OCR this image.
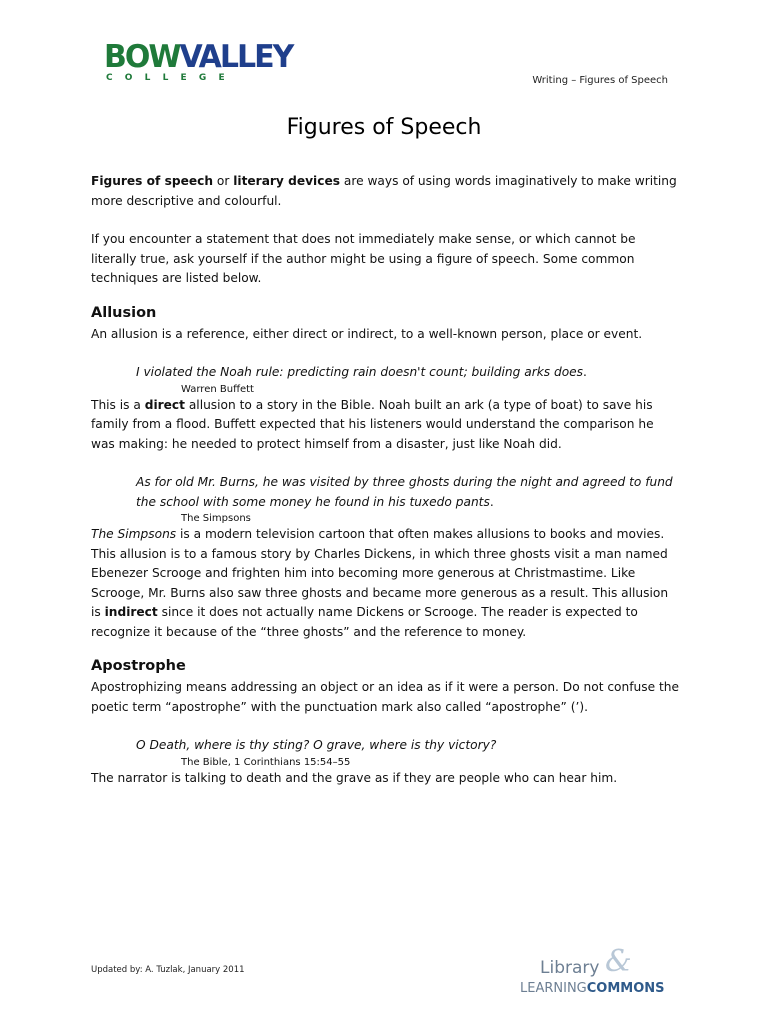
BOWVALLEY
COLLEGE	Writing – Figures of Speech
Figures of Speech

Figures of speech or literary devices are ways of using words imaginatively to make writing more descriptive and colourful.

If you encounter a statement that does not immediately make sense, or which cannot be literally true, ask yourself if the author might be using a figure of speech. Some common techniques are listed below.

Allusion

An allusion is a reference, either direct or indirect, to a well-known person, place or event.

I violated the Noah rule: predicting rain doesn't count; building arks does.

Warren Buffett

This is a direct allusion to a story in the Bible. Noah built an ark (a type of boat) to save his family from a flood. Buffett expected that his listeners would understand the comparison he was making: he needed to protect himself from a disaster, just like Noah did.

As for old Mr. Burns, he was visited by three ghosts during the night and agreed to fund the school with some money he found in his tuxedo pants.

The Simpsons

The Simpsons is a modern television cartoon that often makes allusions to books and movies. This allusion is to a famous story by Charles Dickens, in which three ghosts visit a man named Ebenezer Scrooge and frighten him into becoming more generous at Christmastime. Like Scrooge, Mr. Burns also saw three ghosts and became more generous as a result. This allusion is indirect since it does not actually name Dickens or Scrooge. The reader is expected to recognize it because of the “three ghosts” and the reference to money.

Apostrophe

Apostrophizing means addressing an object or an idea as if it were a person. Do not confuse the poetic term “apostrophe” with the punctuation mark also called “apostrophe” (’).

O Death, where is thy sting? O grave, where is thy victory?

The Bible, 1 Corinthians 15:54–55

The narrator is talking to death and the grave as if they are people who can hear him.

Updated by: A. Tuzlak, January 2011	Library &
LEARNINGCOMMONS
